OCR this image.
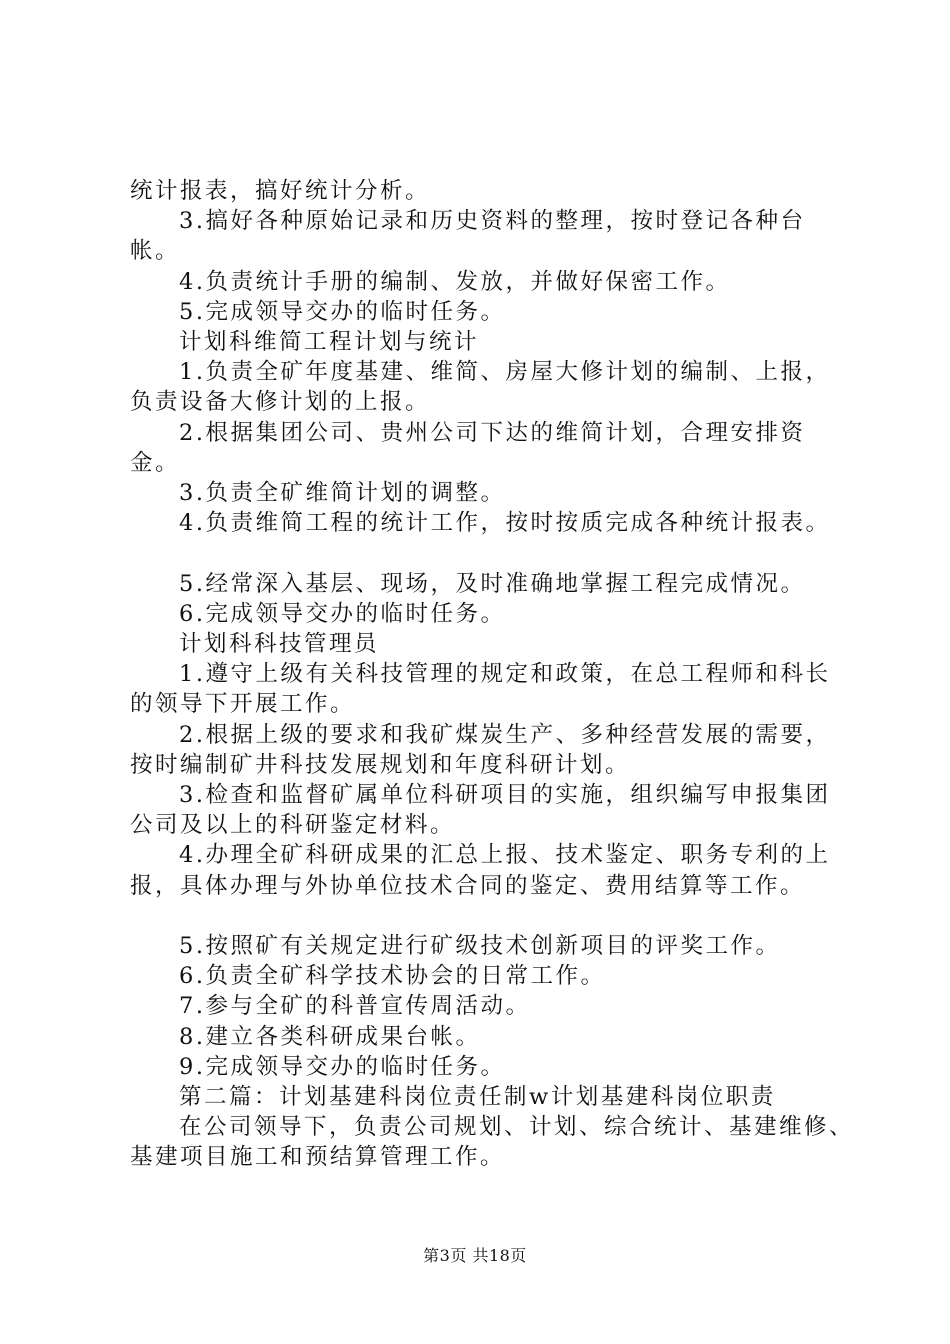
统计报表，搞好统计分析。

3.搞好各种原始记录和历史资料的整理，按时登记各种台帐。

4.负责统计手册的编制、发放，并做好保密工作。

5.完成领导交办的临时任务。

计划科维简工程计划与统计

1.负责全矿年度基建、维简、房屋大修计划的编制、上报，负责设备大修计划的上报。

2.根据集团公司、贵州公司下达的维简计划，合理安排资金。

3.负责全矿维简计划的调整。

4.负责维简工程的统计工作，按时按质完成各种统计报表。

5.经常深入基层、现场，及时准确地掌握工程完成情况。

6.完成领导交办的临时任务。

计划科科技管理员

1.遵守上级有关科技管理的规定和政策，在总工程师和科长的领导下开展工作。

2.根据上级的要求和我矿煤炭生产、多种经营发展的需要，按时编制矿井科技发展规划和年度科研计划。

3.检查和监督矿属单位科研项目的实施，组织编写申报集团公司及以上的科研鉴定材料。

4.办理全矿科研成果的汇总上报、技术鉴定、职务专利的上报，具体办理与外协单位技术合同的鉴定、费用结算等工作。

5.按照矿有关规定进行矿级技术创新项目的评奖工作。

6.负责全矿科学技术协会的日常工作。

7.参与全矿的科普宣传周活动。

8.建立各类科研成果台帐。

9.完成领导交办的临时任务。

第二篇：计划基建科岗位责任制w计划基建科岗位职责

在公司领导下，负责公司规划、计划、综合统计、基建维修、基建项目施工和预结算管理工作。

第3页 共18页
